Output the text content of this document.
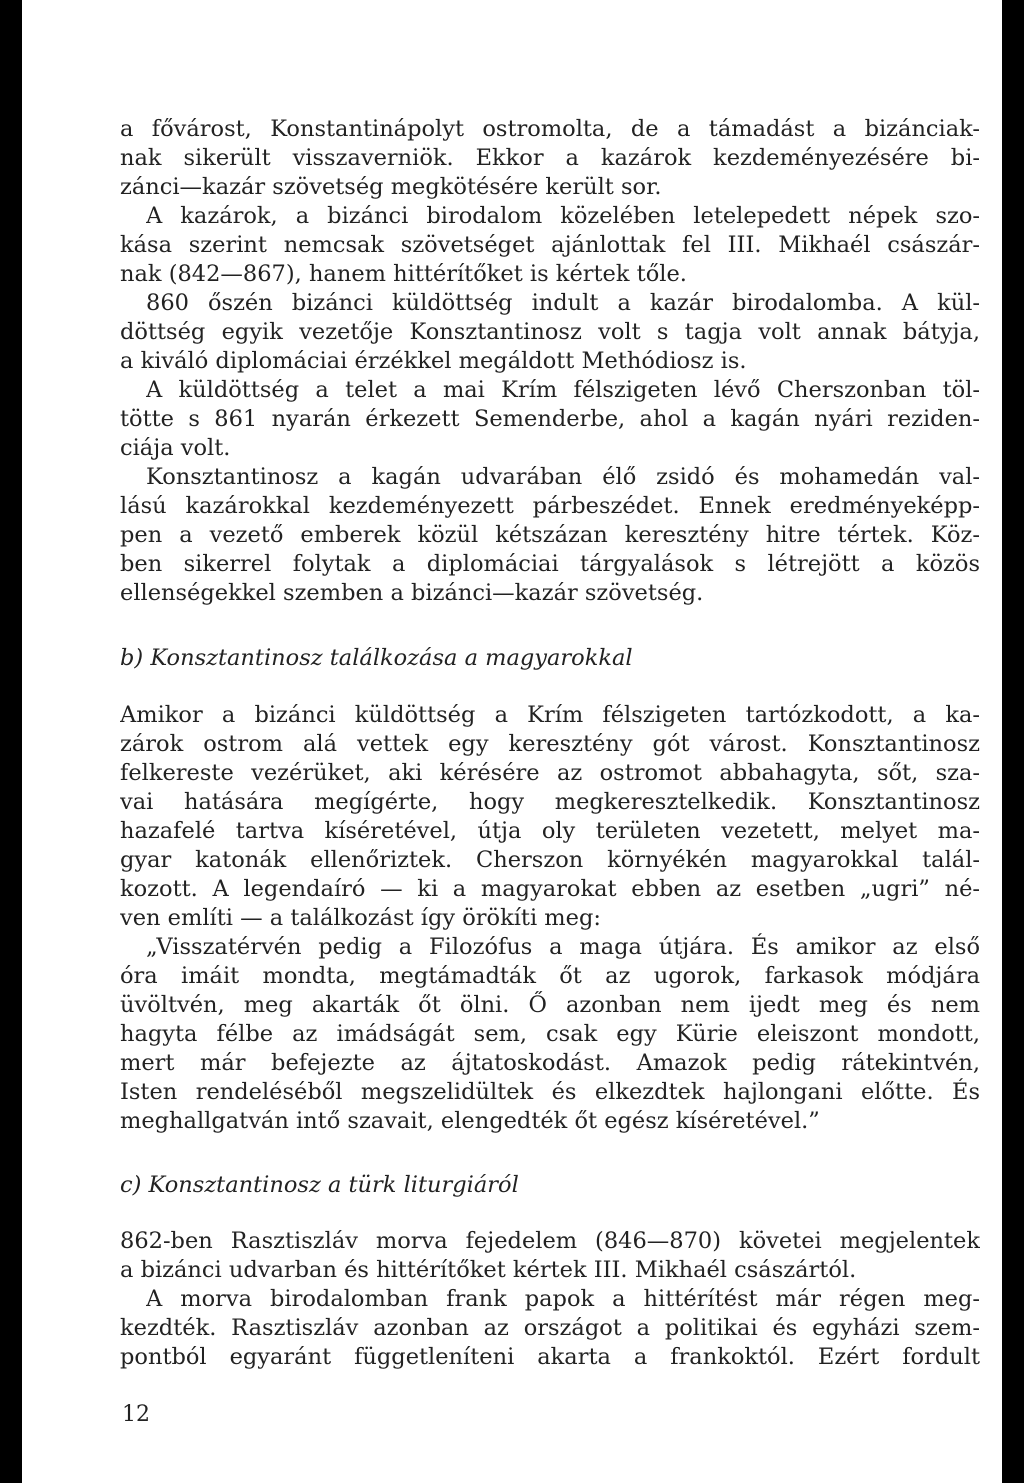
a fővárost, Konstantinápolyt ostromolta, de a támadást a bizánciak-
nak sikerült visszaverniök. Ekkor a kazárok kezdeményezésére bi-
zánci—kazár szövetség megkötésére került sor.
A kazárok, a bizánci birodalom közelében letelepedett népek szo-
kása szerint nemcsak szövetséget ajánlottak fel III. Mikhaél császár-
nak (842—867), hanem hittérítőket is kértek tőle.
860 őszén bizánci küldöttség indult a kazár birodalomba. A kül-
döttség egyik vezetője Konsztantinosz volt s tagja volt annak bátyja,
a kiváló diplomáciai érzékkel megáldott Methódiosz is.
A küldöttség a telet a mai Krím félszigeten lévő Cherszonban töl-
tötte s 861 nyarán érkezett Semenderbe, ahol a kagán nyári reziden-
ciája volt.
Konsztantinosz a kagán udvarában élő zsidó és mohamedán val-
lású kazárokkal kezdeményezett párbeszédet. Ennek eredményeképp-
pen a vezető emberek közül kétszázan keresztény hitre tértek. Köz-
ben sikerrel folytak a diplomáciai tárgyalások s létrejött a közös
ellenségekkel szemben a bizánci—kazár szövetség.
b) Konsztantinosz találkozása a magyarokkal
Amikor a bizánci küldöttség a Krím félszigeten tartózkodott, a ka-
zárok ostrom alá vettek egy keresztény gót várost. Konsztantinosz
felkereste vezérüket, aki kérésére az ostromot abbahagyta, sőt, sza-
vai hatására megígérte, hogy megkeresztelkedik. Konsztantinosz
hazafelé tartva kíséretével, útja oly területen vezetett, melyet ma-
gyar katonák ellenőriztek. Cherszon környékén magyarokkal talál-
kozott. A legendaíró — ki a magyarokat ebben az esetben „ugri” né-
ven említi — a találkozást így örökíti meg:
„Visszatérvén pedig a Filozófus a maga útjára. És amikor az első
óra imáit mondta, megtámadták őt az ugorok, farkasok módjára
üvöltvén, meg akarták őt ölni. Ő azonban nem ijedt meg és nem
hagyta félbe az imádságát sem, csak egy Kürie eleiszont mondott,
mert már befejezte az ájtatoskodást. Amazok pedig rátekintvén,
Isten rendeléséből megszelidültek és elkezdtek hajlongani előtte. És
meghallgatván intő szavait, elengedték őt egész kíséretével.”
c) Konsztantinosz a türk liturgiáról
862-ben Rasztiszláv morva fejedelem (846—870) követei megjelentek
a bizánci udvarban és hittérítőket kértek III. Mikhaél császártól.
A morva birodalomban frank papok a hittérítést már régen meg-
kezdték. Rasztiszláv azonban az országot a politikai és egyházi szem-
pontból egyaránt függetleníteni akarta a frankoktól. Ezért fordult
12
